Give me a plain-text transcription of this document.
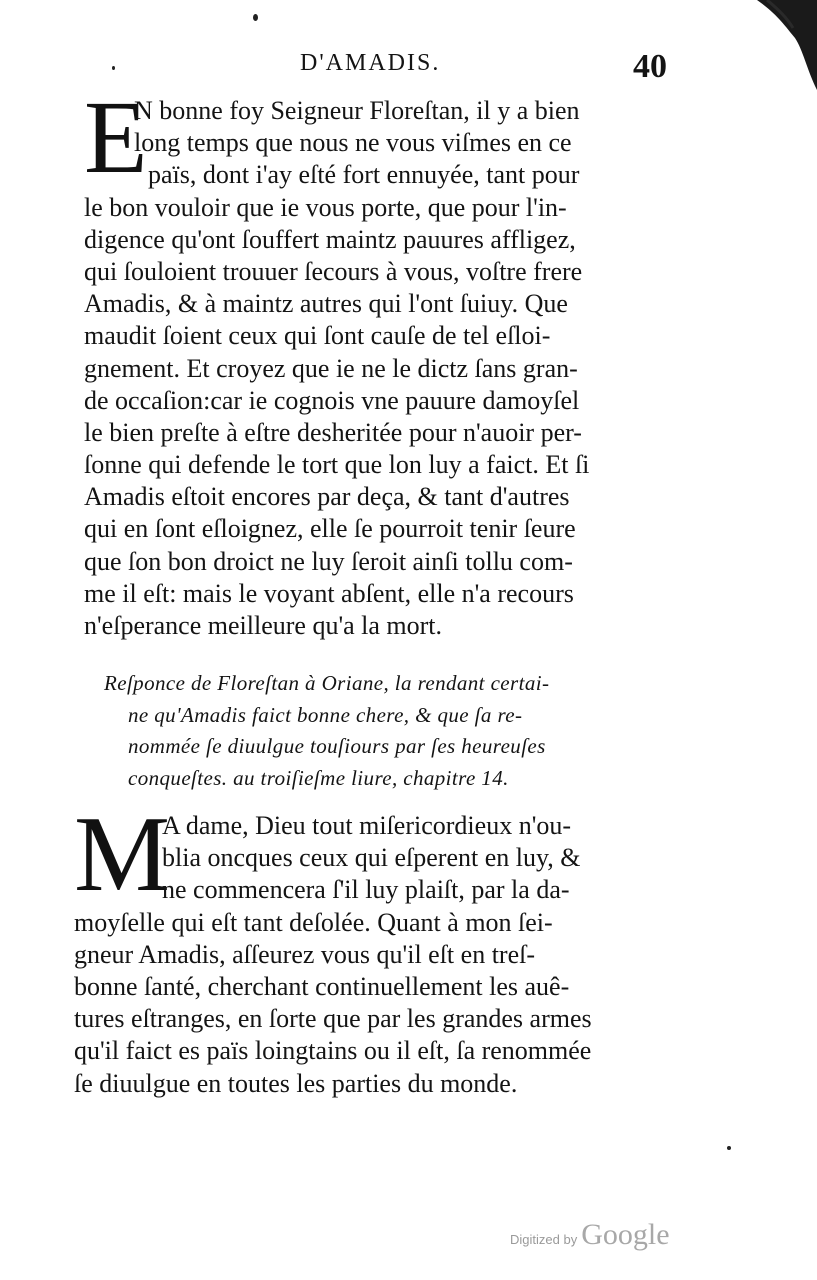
D'AMADIS.	40
E
N bonne foy Seigneur Floreſtan, il y a bien
long temps que nous ne vous viſmes en ce
païs, dont i'ay eſté fort ennuyée, tant pour
le bon vouloir que ie vous porte, que pour l'in-
digence qu'ont ſouffert maintz pauures affligez,
qui ſouloient trouuer ſecours à vous, voſtre frere
Amadis, & à maintz autres qui l'ont ſuiuy. Que
maudit ſoient ceux qui ſont cauſe de tel eſloi-
gnement. Et croyez que ie ne le dictz ſans gran-
de occaſion:car ie cognois vne pauure damoyſel
le bien preſte à eſtre desheritée pour n'auoir per-
ſonne qui defende le tort que lon luy a faict. Et ſi
Amadis eſtoit encores par deça, & tant d'autres
qui en ſont eſloignez, elle ſe pourroit tenir ſeure
que ſon bon droict ne luy ſeroit ainſi tollu com-
me il eſt: mais le voyant abſent, elle n'a recours
n'eſperance meilleure qu'a la mort.
Reſponce de Floreſtan à Oriane, la rendant certai-
ne qu'Amadis faict bonne chere, & que ſa re-
nommée ſe diuulgue touſiours par ſes heureuſes
conqueſtes. au troiſieſme liure, chapitre 14.
M
A dame, Dieu tout miſericordieux n'ou-
blia oncques ceux qui eſperent en luy, &
ne commencera ſ'il luy plaiſt, par la da-
moyſelle qui eſt tant deſolée. Quant à mon ſei-
gneur Amadis, aſſeurez vous qu'il eſt en treſ-
bonne ſanté, cherchant continuellement les auê-
tures eſtranges, en ſorte que par les grandes armes
qu'il faict es païs loingtains ou il eſt, ſa renommée
ſe diuulgue en toutes les parties du monde.
Digitized by Google
